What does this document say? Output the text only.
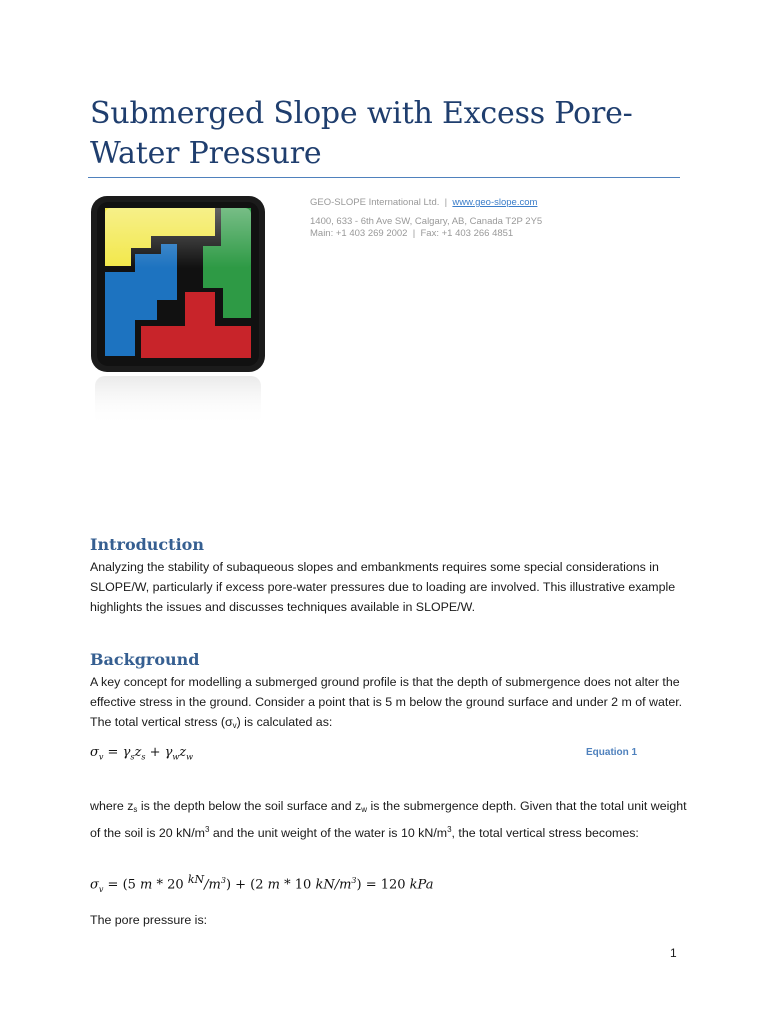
Submerged Slope with Excess Pore-Water Pressure
GEO-SLOPE International Ltd. | www.geo-slope.com
1400, 633 - 6th Ave SW, Calgary, AB, Canada T2P 2Y5
Main: +1 403 269 2002 | Fax: +1 403 266 4851
Introduction

Analyzing the stability of subaqueous slopes and embankments requires some special considerations in SLOPE/W, particularly if excess pore-water pressures due to loading are involved. This illustrative example highlights the issues and discusses techniques available in SLOPE/W.

Background

A key concept for modelling a submerged ground profile is that the depth of submergence does not alter the effective stress in the ground. Consider a point that is 5 m below the ground surface and under 2 m of water. The total vertical stress (σv) is calculated as:

$\sigma_v = \gamma_sz_s + \gamma_wz_w$	Equation 1

where zs is the depth below the soil surface and zw is the submergence depth. Given that the total unit weight of the soil is 20 $kN/m^3$ and the unit weight of the water is 10 $kN/m^3$, the total vertical stress becomes:

$\sigma_v = (5$ m * 20 $^{kN}/m^3) + (2$ m * 10 $kN/m^3) = 120$ kPa

The pore pressure is:

1
